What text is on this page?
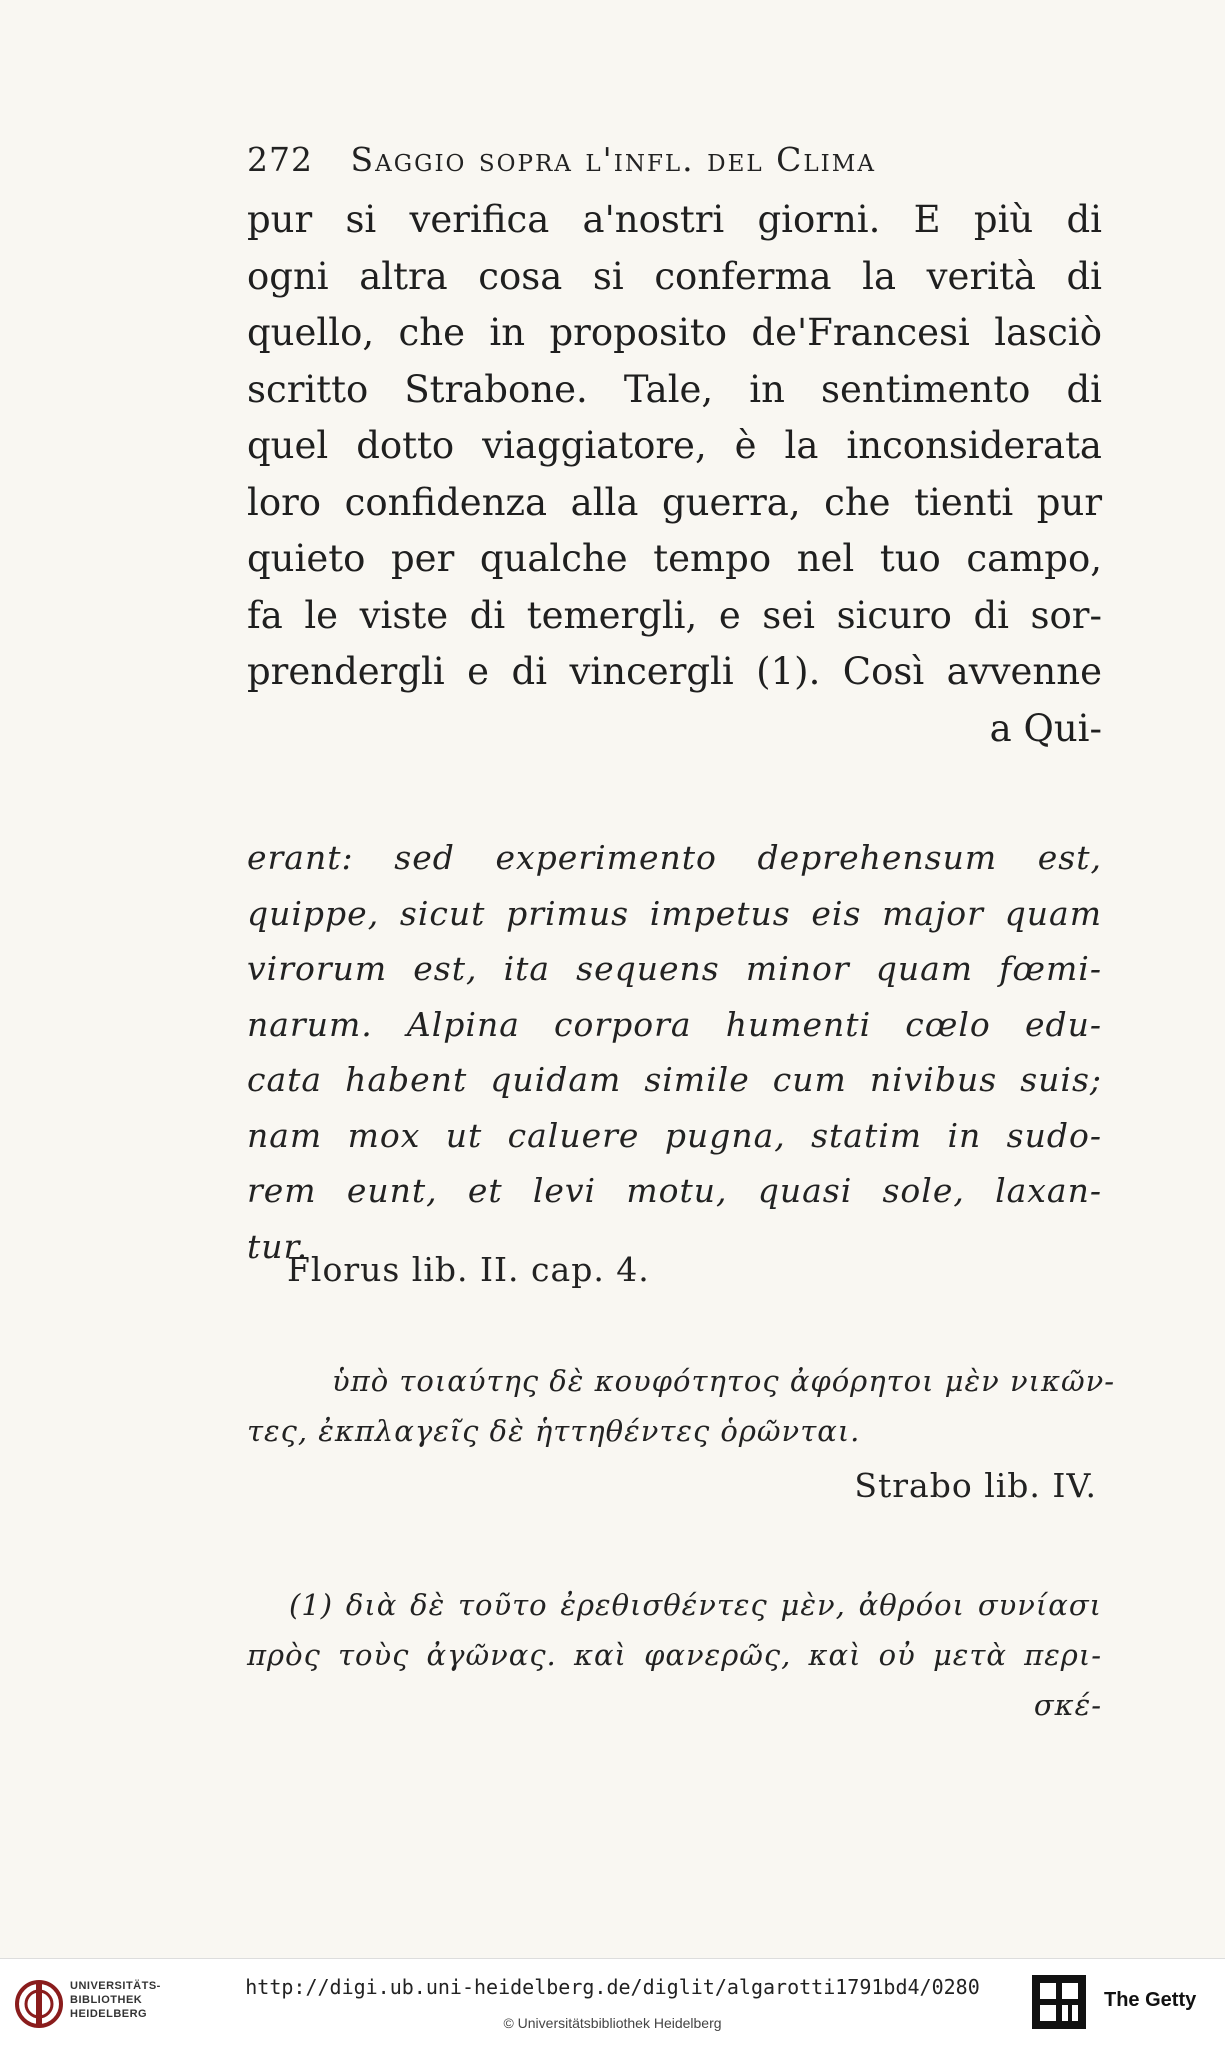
272 Saggio sopra l'infl. del Clima
pur si verifica a'nostri giorni. E più di
ogni altra cosa si conferma la verità di
quello, che in proposito de'Francesi lasciò
scritto Strabone. Tale, in sentimento di
quel dotto viaggiatore, è la inconsiderata
loro confidenza alla guerra, che tienti pur
quieto per qualche tempo nel tuo campo,
fa le viste di temergli, e sei sicuro di sor-
prendergli e di vincergli (1). Così avvenne
a Qui-
erant: sed experimento deprehensum est,
quippe, sicut primus impetus eis major quam
virorum est, ita sequens minor quam fœmi-
narum. Alpina corpora humenti cœlo edu-
cata habent quidam simile cum nivibus suis;
nam mox ut caluere pugna, statim in sudo-
rem eunt, et levi motu, quasi sole, laxan-
tur.
Florus lib. II. cap. 4.
ὑπὸ τοιαύτης δὲ κουφότητος ἀφόρητοι μὲν νικῶν-
τες, ἐκπλαγεῖς δὲ ἡττηθέντες ὁρῶνται.
Strabo lib. IV.
(1) διὰ δὲ τοῦτο ἐρεθισθέντες μὲν, ἀθρόοι συνίασι
πρὸς τοὺς ἀγῶνας. καὶ φανερῶς, καὶ οὐ μετὰ περι-
σκέ-
UNIVERSITÄTS-
BIBLIOTHEK
HEIDELBERG
http://digi.ub.uni-heidelberg.de/diglit/algarotti1791bd4/0280
© Universitätsbibliothek Heidelberg
The Getty
